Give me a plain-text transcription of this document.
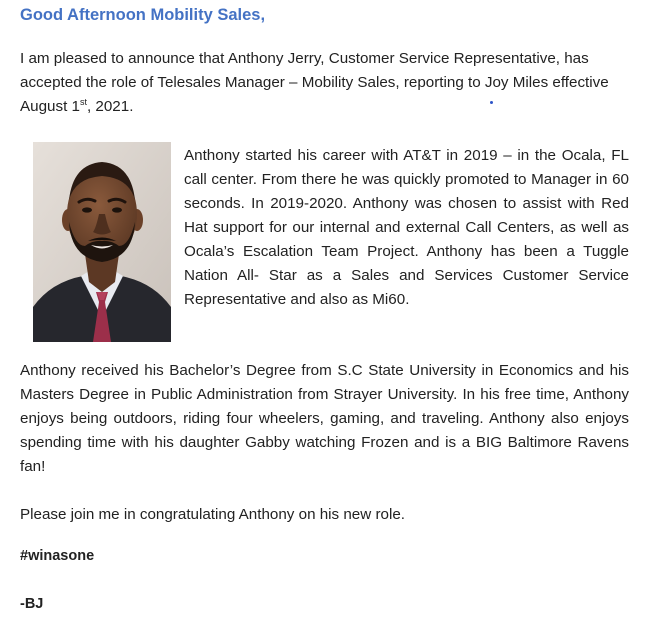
Good Afternoon Mobility Sales,

I am pleased to announce that Anthony Jerry, Customer Service Representative, has accepted the role of Telesales Manager – Mobility Sales, reporting to Joy Miles effective August 1st, 2021.

Anthony started his career with AT&T in 2019 – in the Ocala, FL call center. From there he was quickly promoted to Manager in 60 seconds. In 2019-2020. Anthony was chosen to assist with Red Hat support for our internal and external Call Centers, as well as Ocala’s Escalation Team Project. Anthony has been a Tuggle Nation All- Star as a Sales and Services Customer Service Representative and also as Mi60.

Anthony received his Bachelor’s Degree from S.C State University in Economics and his Masters Degree in Public Administration from Strayer University. In his free time, Anthony enjoys being outdoors, riding four wheelers, gaming, and traveling. Anthony also enjoys spending time with his daughter Gabby watching Frozen and is a BIG Baltimore Ravens fan!

Please join me in congratulating Anthony on his new role.

#winasone
-BJ
